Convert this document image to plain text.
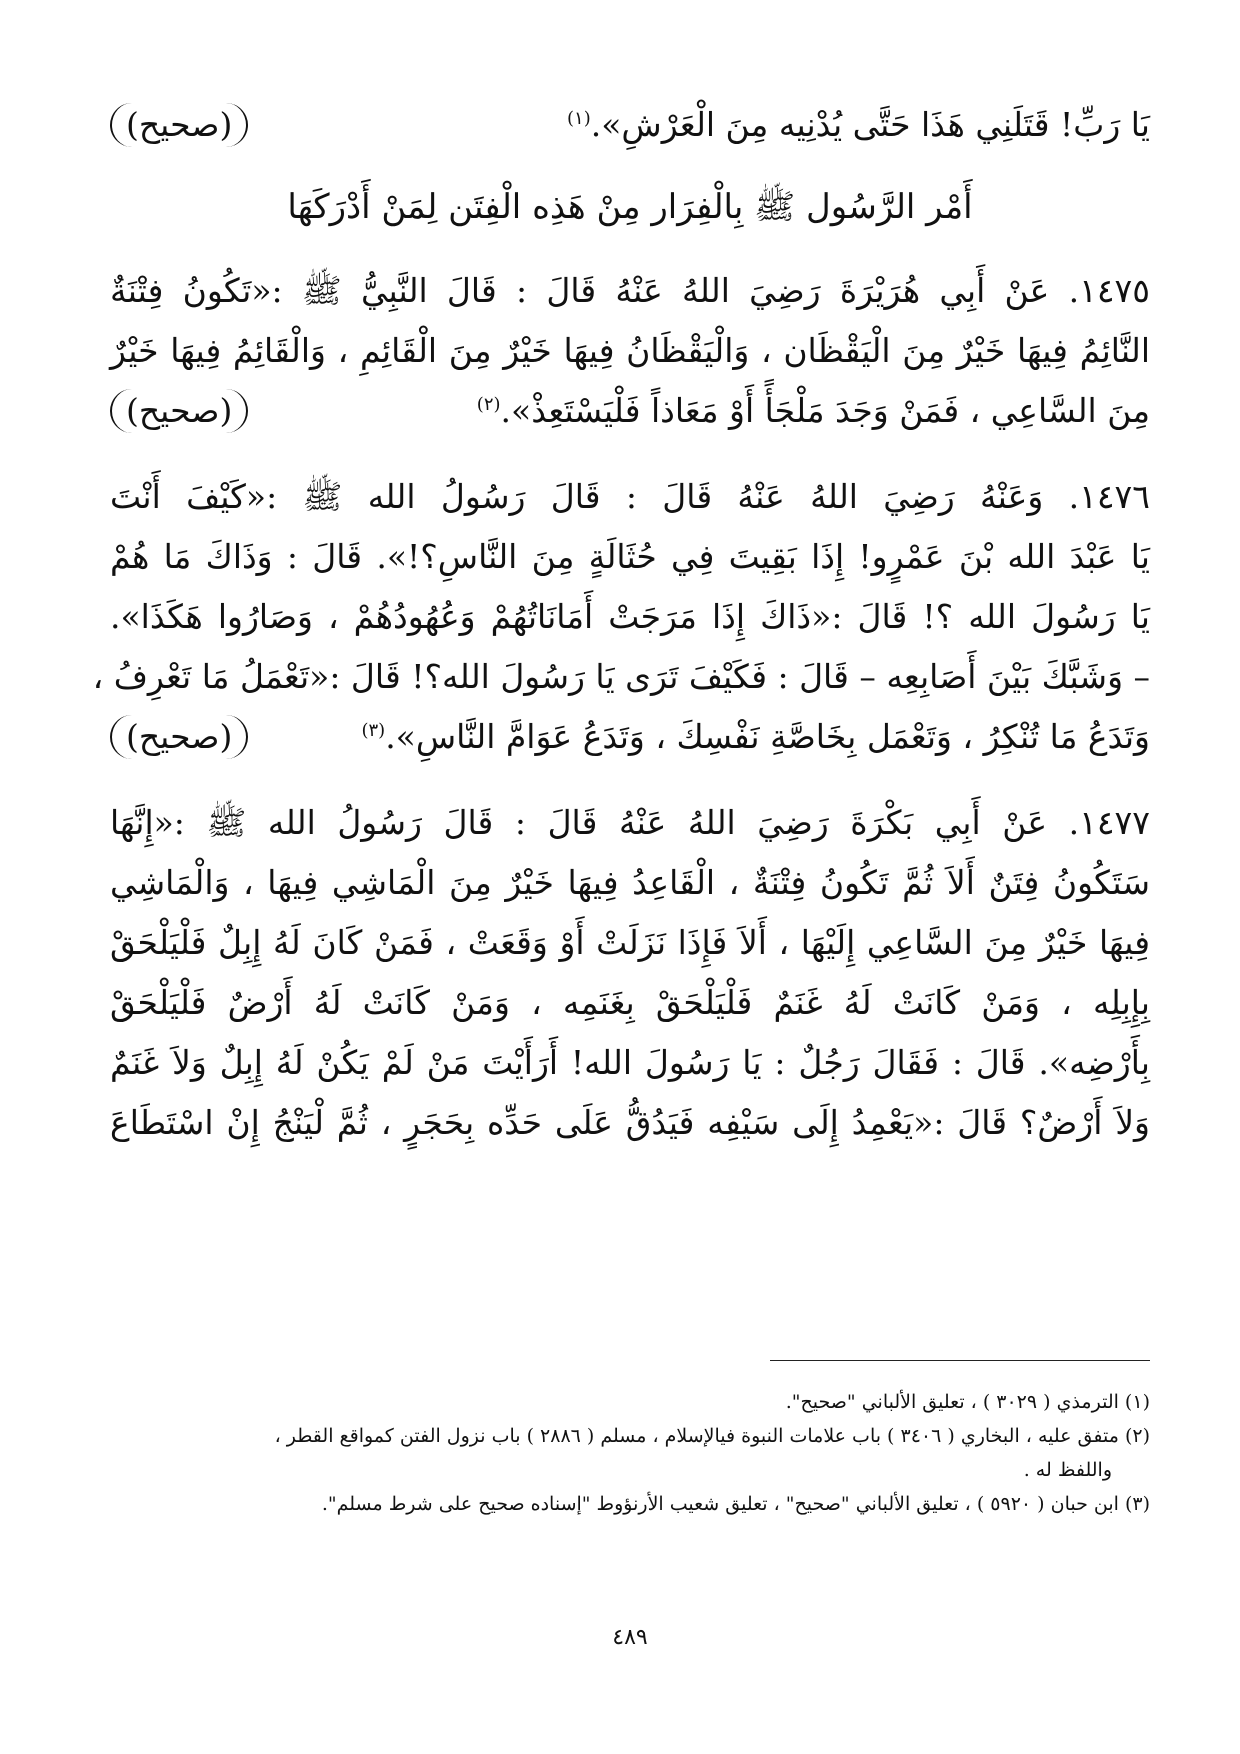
يَا رَبِّ! قَتَلَنِي هَذَا حَتَّى يُدْنِيه مِنَ الْعَرْشِ».$^{(١)}$
(صحيح)
أَمْر الرَّسُول ﷺ بِالْفِرَار مِنْ هَذِه الْفِتَن لِمَنْ أَدْرَكَهَا
١٤٧٥. عَنْ أَبِي هُرَيْرَةَ رَضِيَ اللهُ عَنْهُ قَالَ : قَالَ النَّبِيُّ ﷺ :«تَكُونُ فِتْنَةٌ
النَّائِمُ فِيهَا خَيْرٌ مِنَ الْيَقْظَان ، وَالْيَقْظَانُ فِيهَا خَيْرٌ مِنَ الْقَائِمِ ، وَالْقَائِمُ فِيهَا خَيْرٌ
مِنَ السَّاعِي ، فَمَنْ وَجَدَ مَلْجَأً أَوْ مَعَاذاً فَلْيَسْتَعِذْ».$^{(٢)}$
(صحيح)
١٤٧٦. وَعَنْهُ رَضِيَ اللهُ عَنْهُ قَالَ : قَالَ رَسُولُ الله ﷺ :«كَيْفَ أَنْتَ
يَا عَبْدَ الله بْنَ عَمْرٍو! إِذَا بَقِيتَ فِي حُثَالَةٍ مِنَ النَّاسِ؟!». قَالَ : وَذَاكَ مَا هُمْ
يَا رَسُولَ الله ؟! قَالَ :«ذَاكَ إِذَا مَرَجَتْ أَمَانَاتُهُمْ وَعُهُودُهُمْ ، وَصَارُوا هَكَذَا».
– وَشَبَّكَ بَيْنَ أَصَابِعِه – قَالَ : فَكَيْفَ تَرَى يَا رَسُولَ الله؟! قَالَ :«تَعْمَلُ مَا تَعْرِفُ ،
وَتَدَعُ مَا تُنْكِرُ ، وَتَعْمَل بِخَاصَّةِ نَفْسِكَ ، وَتَدَعُ عَوَامَّ النَّاسِ».$^{(٣)}$
(صحيح)
١٤٧٧. عَنْ أَبِي بَكْرَةَ رَضِيَ اللهُ عَنْهُ قَالَ : قَالَ رَسُولُ الله ﷺ :«إِنَّهَا
سَتَكُونُ فِتَنٌ أَلاَ ثُمَّ تَكُونُ فِتْنَةٌ ، الْقَاعِدُ فِيهَا خَيْرٌ مِنَ الْمَاشِي فِيهَا ، وَالْمَاشِي
فِيهَا خَيْرٌ مِنَ السَّاعِي إِلَيْهَا ، أَلاَ فَإِذَا نَزَلَتْ أَوْ وَقَعَتْ ، فَمَنْ كَانَ لَهُ إِبِلٌ فَلْيَلْحَقْ
بِإِبِلِه ، وَمَنْ كَانَتْ لَهُ غَنَمٌ فَلْيَلْحَقْ بِغَنَمِه ، وَمَنْ كَانَتْ لَهُ أَرْضٌ فَلْيَلْحَقْ
بِأَرْضِه». قَالَ : فَقَالَ رَجُلٌ : يَا رَسُولَ الله! أَرَأَيْتَ مَنْ لَمْ يَكُنْ لَهُ إِبِلٌ وَلاَ غَنَمٌ
وَلاَ أَرْضٌ؟ قَالَ :«يَعْمِدُ إِلَى سَيْفِه فَيَدُقُّ عَلَى حَدِّه بِحَجَرٍ ، ثُمَّ لْيَنْجُ إِنْ اسْتَطَاعَ
(١) الترمذي ( ٣٠٢٩ ) ، تعليق الألباني "صحيح".
(٢) متفق عليه ، البخاري ( ٣٤٠٦ ) باب علامات النبوة فيالإسلام ، مسلم ( ٢٨٨٦ ) باب نزول الفتن كمواقع القطر ،
واللفظ له .
(٣) ابن حبان ( ٥٩٢٠ ) ، تعليق الألباني "صحيح" ، تعليق شعيب الأرنؤوط "إسناده صحيح على شرط مسلم".
٤٨٩
